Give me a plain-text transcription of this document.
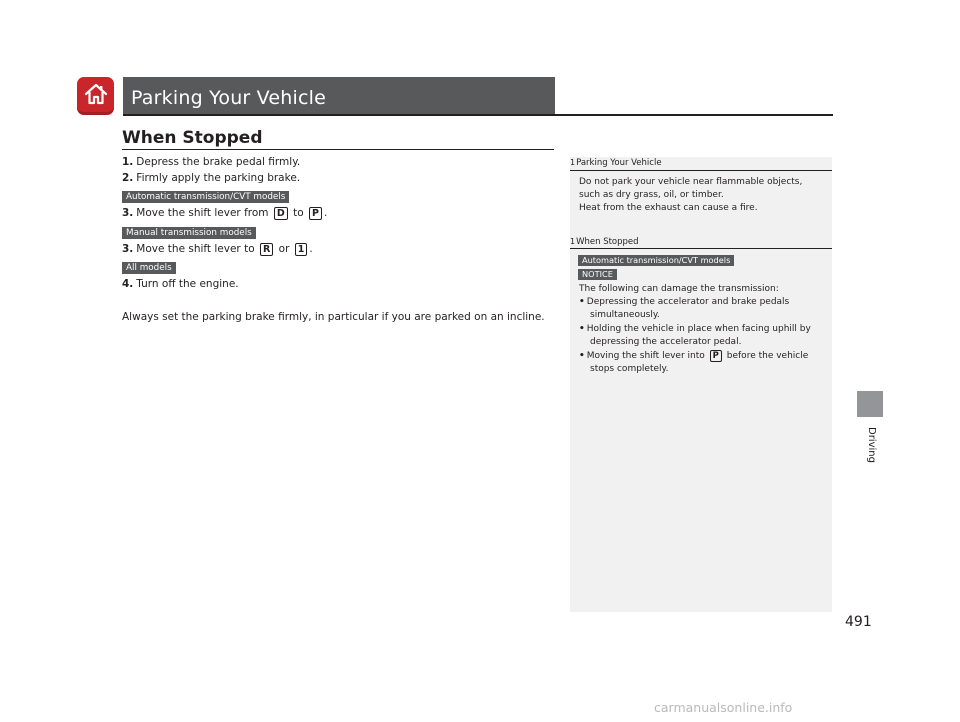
Parking Your Vehicle
When Stopped
1. Depress the brake pedal firmly.
2. Firmly apply the parking brake.
Automatic transmission/CVT models
3. Move the shift lever from D to P .
Manual transmission models
3. Move the shift lever to R or 1 .
All models
4. Turn off the engine.
Always set the parking brake firmly, in particular if you are parked on an incline.
1Parking Your Vehicle
Do not park your vehicle near flammable objects,
such as dry grass, oil, or timber.
Heat from the exhaust can cause a fire.
1When Stopped
Automatic transmission/CVT models
NOTICE
The following can damage the transmission:
• Depressing the accelerator and brake pedals
simultaneously.
• Holding the vehicle in place when facing uphill by
depressing the accelerator pedal.
• Moving the shift lever into P before the vehicle
stops completely.
Driving
491
carmanualsonline.info
